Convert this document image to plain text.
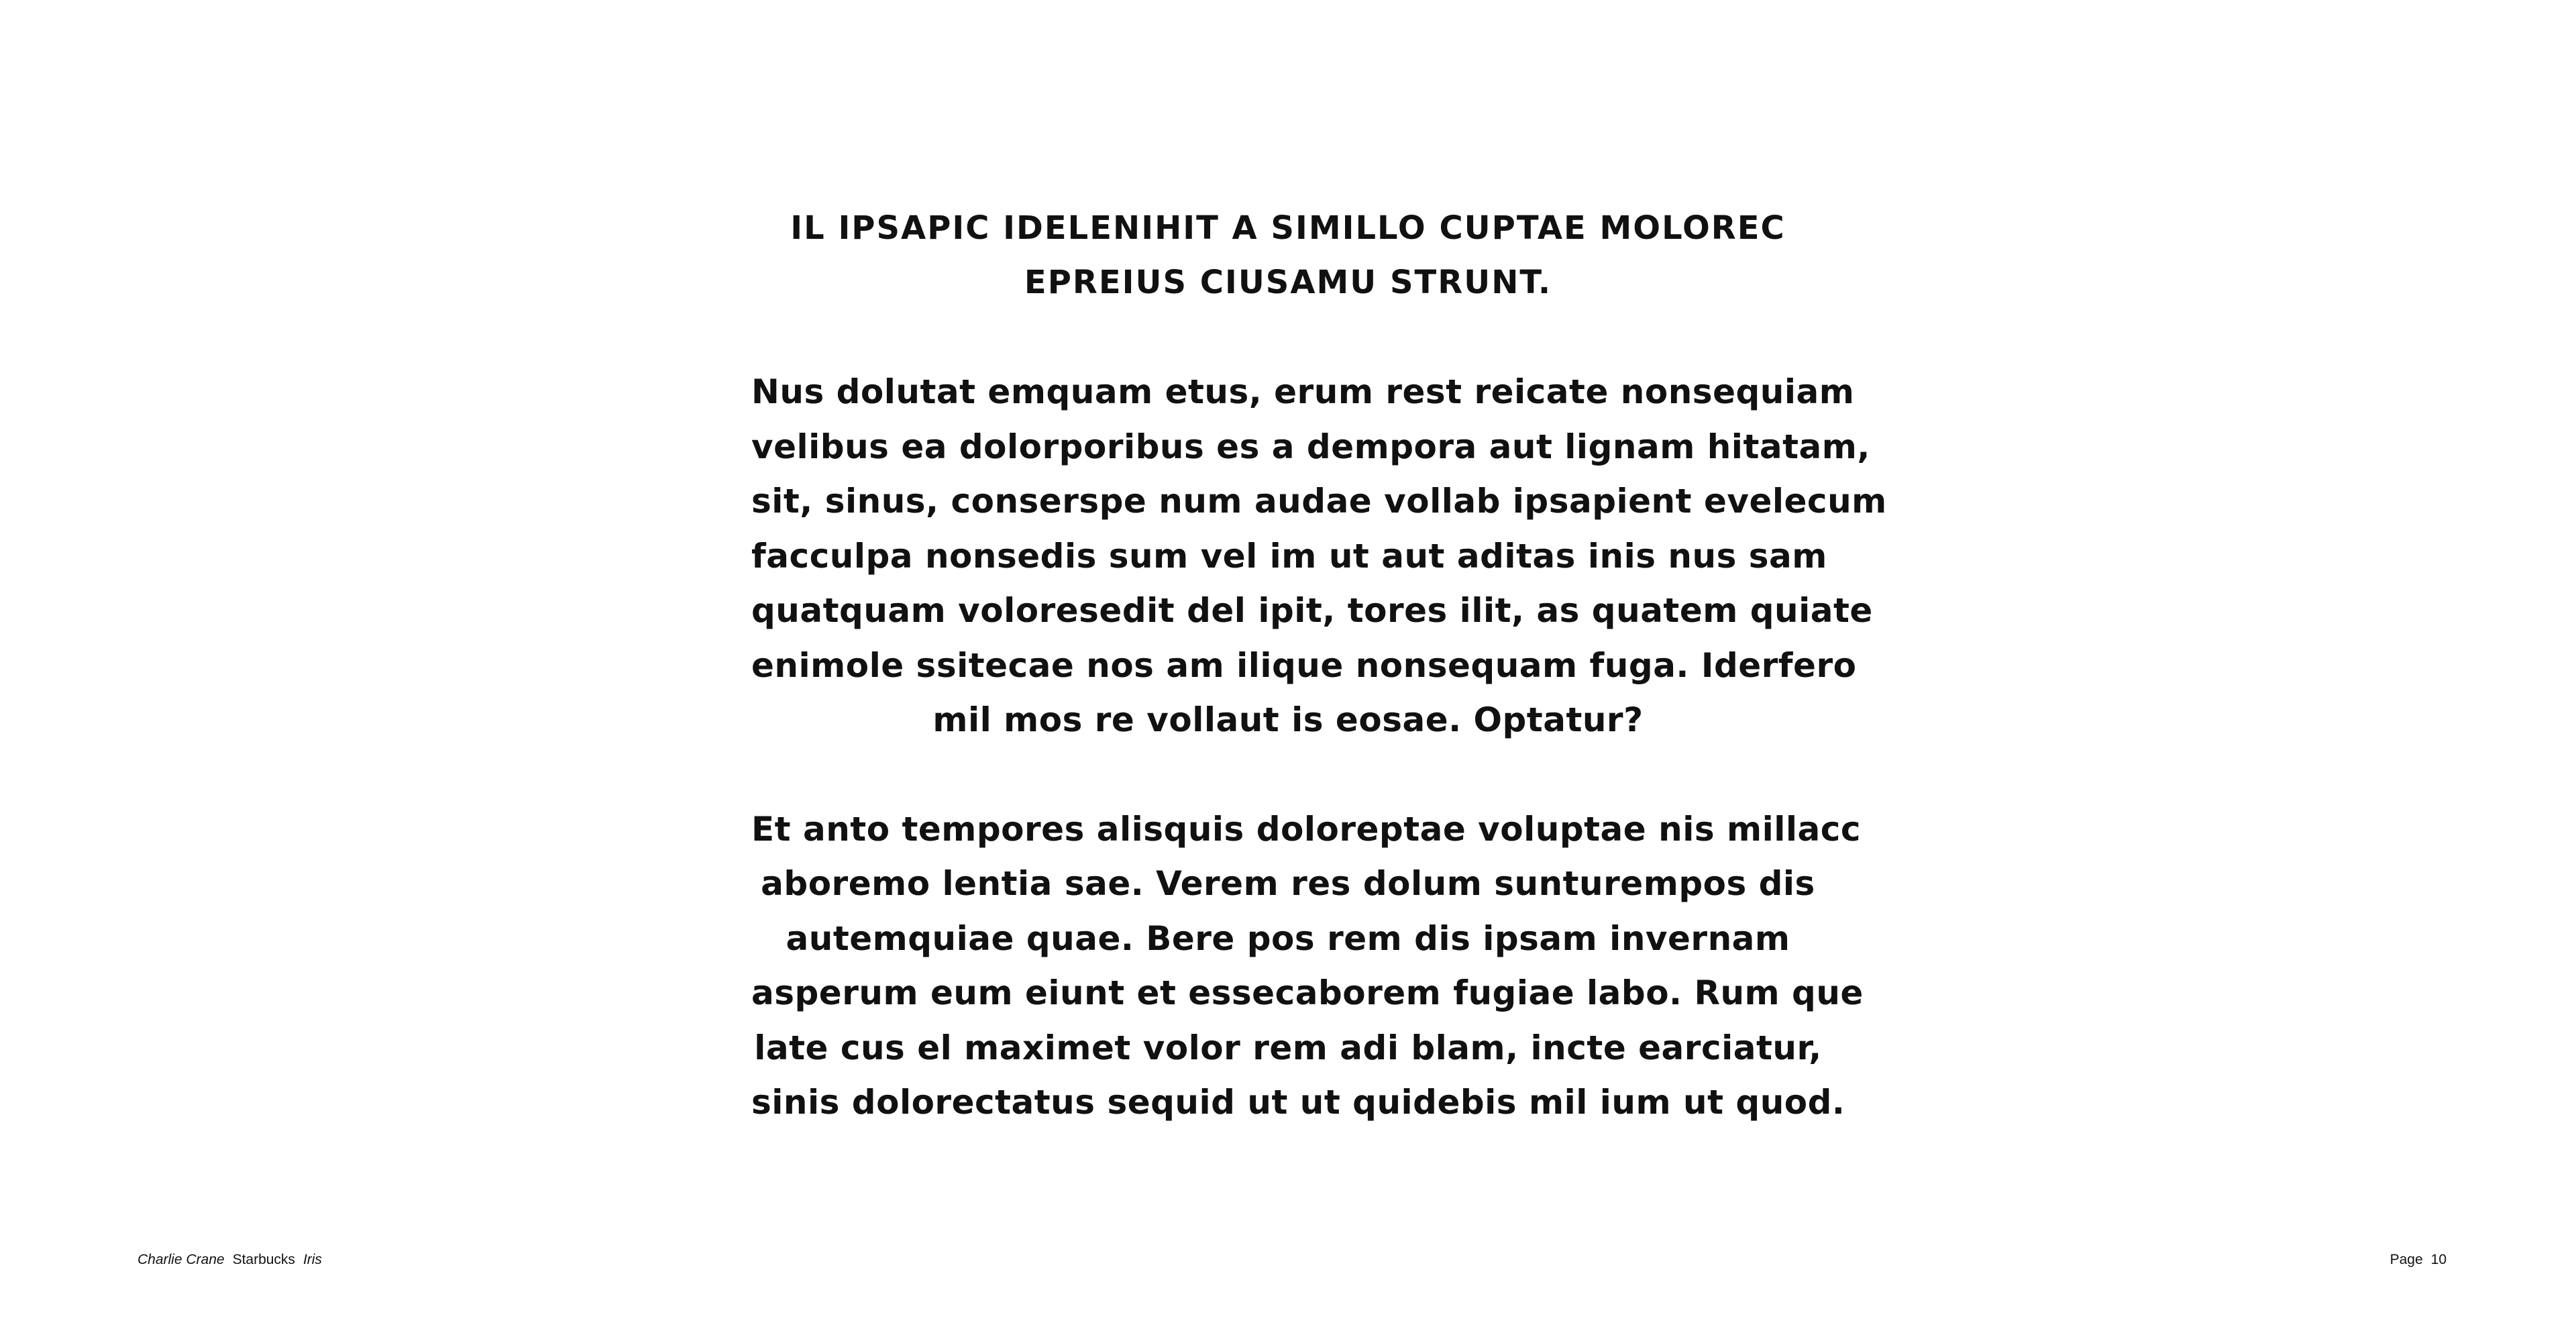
IL IPSAPIC IDELENIHIT A SIMILLO CUPTAE MOLOREC
EPREIUS CIUSAMU STRUNT.

Nus dolutat emquam etus, erum rest reicate nonsequiam
velibus ea dolorporibus es a dempora aut lignam hitatam,
sit, sinus, conserspe num audae vollab ipsapient evelecum
facculpa nonsedis sum vel im ut aut aditas inis nus sam
quatquam voloresedit del ipit, tores ilit, as quatem quiate
enimole ssitecae nos am ilique nonsequam fuga. Iderfero
mil mos re vollaut is eosae. Optatur?

Et anto tempores alisquis doloreptae voluptae nis millacc
aboremo lentia sae. Verem res dolum sunturempos dis
autemquiae quae. Bere pos rem dis ipsam invernam
asperum eum eiunt et essecaborem fugiae labo. Rum que
late cus el maximet volor rem adi blam, incte earciatur,
sinis dolorectatus sequid ut ut quidebis mil ium ut quod.

Charlie Crane Starbucks Iris	Page 10
